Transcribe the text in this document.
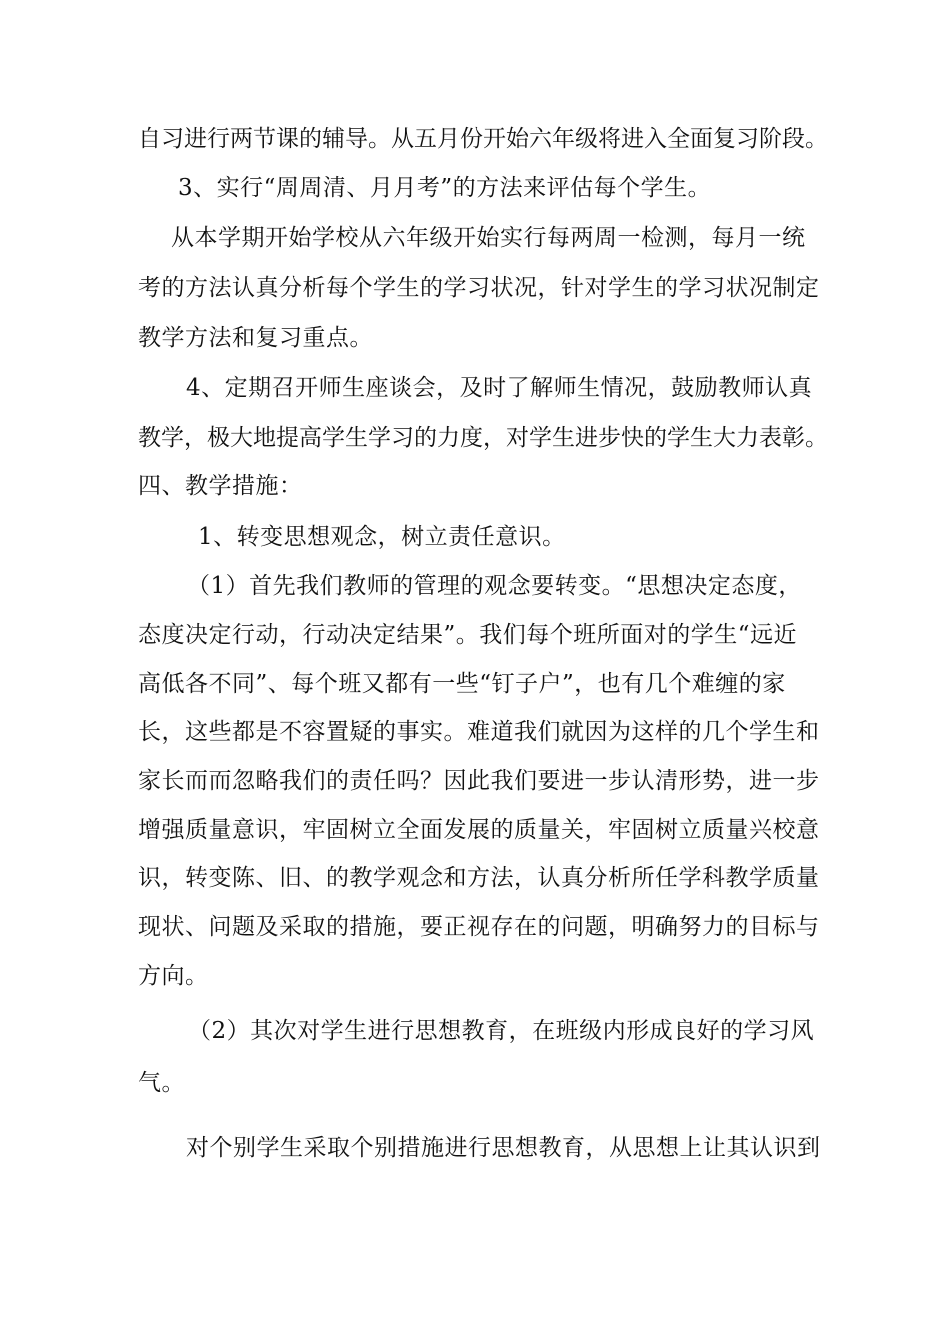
自习进行两节课的辅导。从五月份开始六年级将进入全面复习阶段。
3、实行“周周清、月月考”的方法来评估每个学生。
从本学期开始学校从六年级开始实行每两周一检测，每月一统
考的方法认真分析每个学生的学习状况，针对学生的学习状况制定
教学方法和复习重点。
4、定期召开师生座谈会，及时了解师生情况，鼓励教师认真
教学，极大地提高学生学习的力度，对学生进步快的学生大力表彰。
四、教学措施：
1、转变思想观念，树立责任意识。
（1）首先我们教师的管理的观念要转变。“思想决定态度，
态度决定行动，行动决定结果”。我们每个班所面对的学生“远近
高低各不同”、每个班又都有一些“钉子户”，也有几个难缠的家
长，这些都是不容置疑的事实。难道我们就因为这样的几个学生和
家长而而忽略我们的责任吗？因此我们要进一步认清形势，进一步
增强质量意识，牢固树立全面发展的质量关，牢固树立质量兴校意
识，转变陈、旧、的教学观念和方法，认真分析所任学科教学质量
现状、问题及采取的措施，要正视存在的问题，明确努力的目标与
方向。
（2）其次对学生进行思想教育，在班级内形成良好的学习风
气。
对个别学生采取个别措施进行思想教育，从思想上让其认识到
